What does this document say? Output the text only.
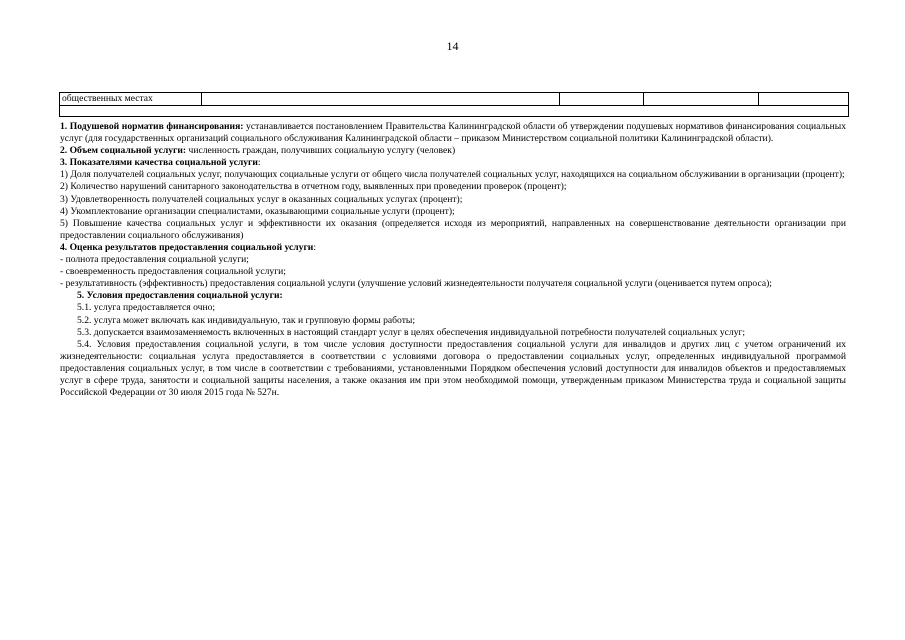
14
общественных местах				

1. Подушевой норматив финансирования: устанавливается постановлением Правительства Калининградской области об утверждении подушевых нормативов финансирования социальных услуг (для государственных организаций социального обслуживания Калининградской области – приказом Министерством социальной политики Калининградской области).

2. Объем социальной услуги: численность граждан, получивших социальную услугу (человек)

3. Показателями качества социальной услуги:

1) Доля получателей социальных услуг, получающих социальные услуги от общего числа получателей социальных услуг, находящихся на социальном обслуживании в организации (процент);

2) Количество нарушений санитарного законодательства в отчетном году, выявленных при проведении проверок (процент);

3) Удовлетворенность получателей социальных услуг в оказанных социальных услугах (процент);

4) Укомплектование организации специалистами, оказывающими социальные услуги (процент);

5) Повышение качества социальных услуг и эффективности их оказания (определяется исходя из мероприятий, направленных на совершенствование деятельности организации при предоставлении социального обслуживания)

4. Оценка результатов предоставления социальной услуги:

- полнота предоставления социальной услуги;

- своевременность предоставления социальной услуги;

- результативность (эффективность) предоставления социальной услуги (улучшение условий жизнедеятельности получателя социальной услуги (оценивается путем опроса);

5. Условия предоставления социальной услуги:

5.1. услуга предоставляется очно;

5.2. услуга может включать как индивидуальную, так и групповую формы работы;

5.3. допускается взаимозаменяемость включенных в настоящий стандарт услуг в целях обеспечения индивидуальной потребности получателей социальных услуг;

5.4. Условия предоставления социальной услуги, в том числе условия доступности предоставления социальной услуги для инвалидов и других лиц с учетом ограничений их жизнедеятельности: социальная услуга предоставляется в соответствии с условиями договора о предоставлении социальных услуг, определенных индивидуальной программой предоставления социальных услуг, в том числе в соответствии с требованиями, установленными Порядком обеспечения условий доступности для инвалидов объектов и предоставляемых услуг в сфере труда, занятости и социальной защиты населения, а также оказания им при этом необходимой помощи, утвержденным приказом Министерства труда и социальной защиты Российской Федерации от 30 июля 2015 года № 527н.
